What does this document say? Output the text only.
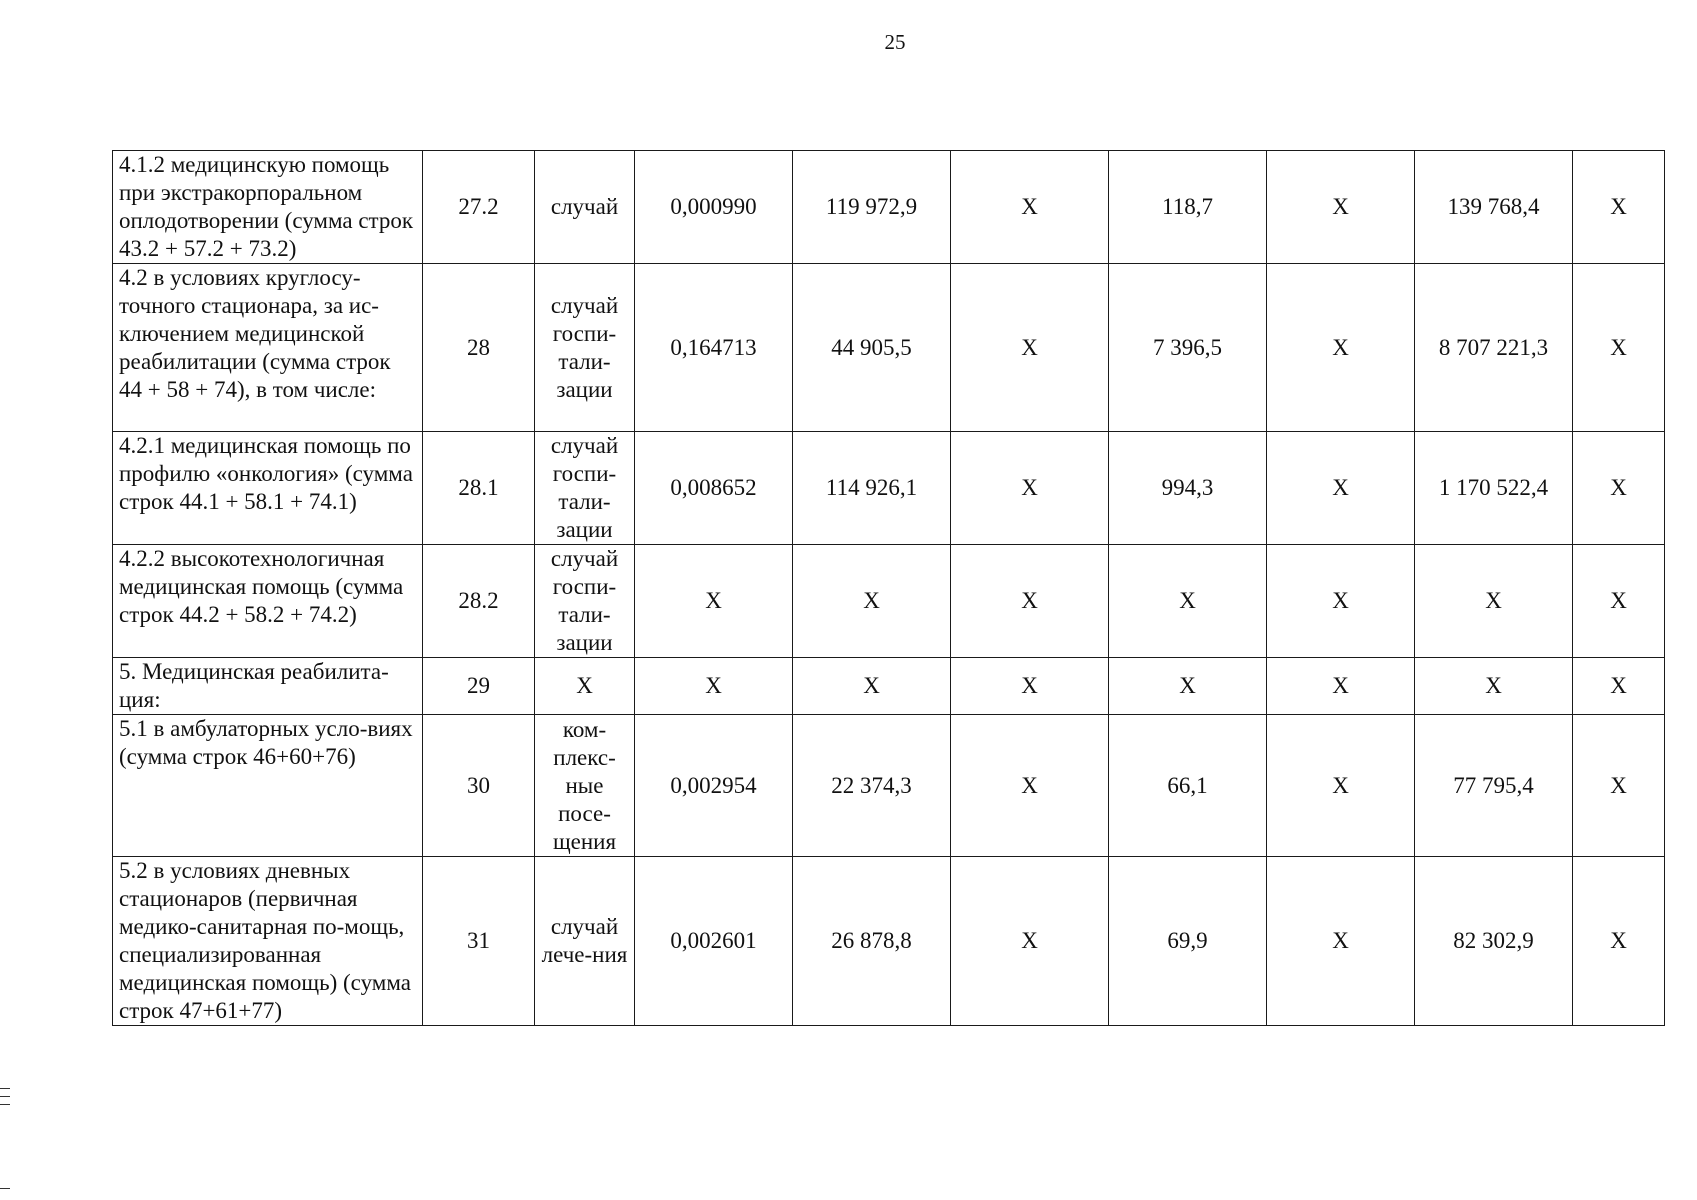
25
4.1.2 медицинскую помощь при экстракорпоральном оплодотворении (сумма строк 43.2 + 57.2 + 73.2)	27.2	случай	0,000990	119 972,9	Х	118,7	Х	139 768,4	Х
4.2 в условиях круглосу-точного стационара, за ис-ключением медицинской реабилитации (сумма строк 44 + 58 + 74), в том числе:	28	случай госпи-тали-зации	0,164713	44 905,5	Х	7 396,5	Х	8 707 221,3	Х
4.2.1 медицинская помощь по профилю «онкология» (сумма строк 44.1 + 58.1 + 74.1)	28.1	случай госпи-тали-зации	0,008652	114 926,1	Х	994,3	Х	1 170 522,4	Х
4.2.2 высокотехнологичная медицинская помощь (сумма строк 44.2 + 58.2 + 74.2)	28.2	случай госпи-тали-зации	Х	Х	Х	Х	Х	Х	Х
5. Медицинская реабилита-ция:	29	Х	Х	Х	Х	Х	Х	Х	Х
5.1 в амбулаторных усло-виях (сумма строк 46+60+76)	30	ком-плекс-ные посе-щения	0,002954	22 374,3	Х	66,1	Х	77 795,4	Х
5.2 в условиях дневных стационаров (первичная медико-санитарная по-мощь, специализированная медицинская помощь) (сумма строк 47+61+77)	31	случай лече-ния	0,002601	26 878,8	Х	69,9	Х	82 302,9	Х
